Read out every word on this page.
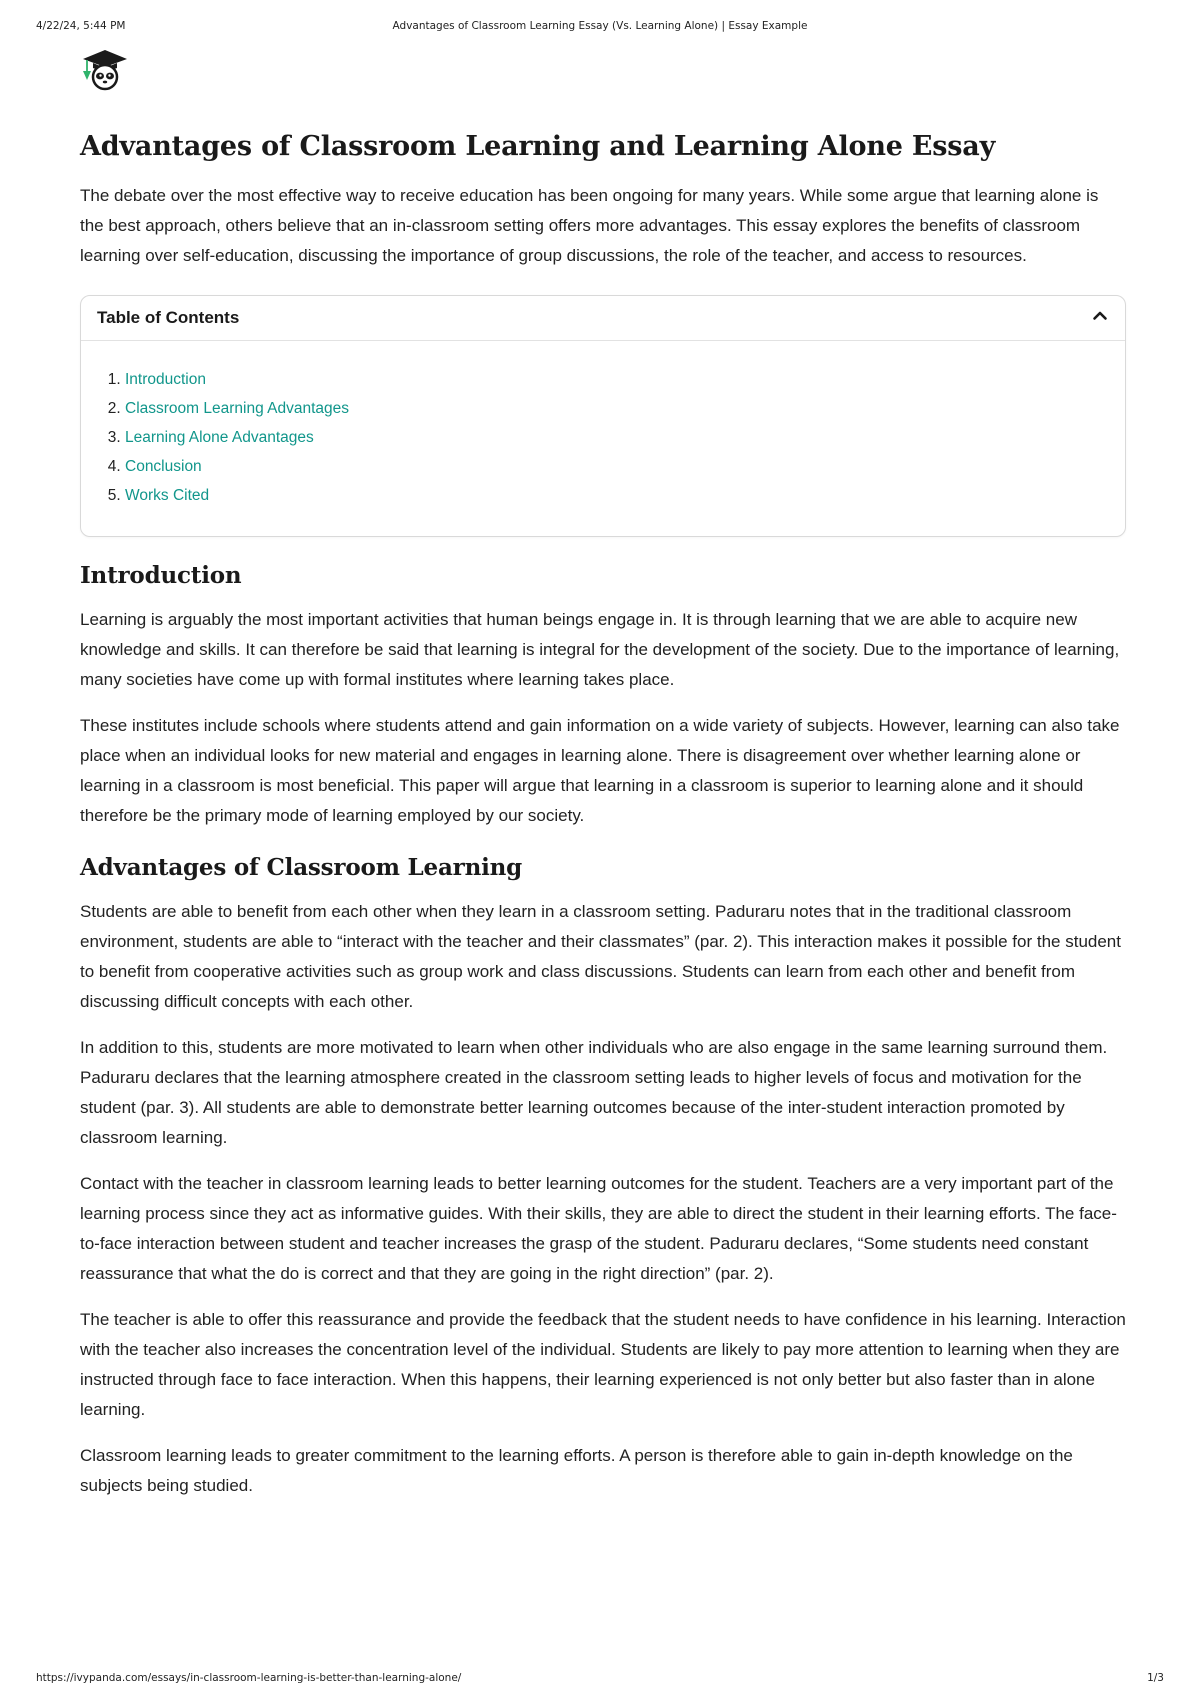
4/22/24, 5:44 PM	Advantages of Classroom Learning Essay (Vs. Learning Alone) | Essay Example
Advantages of Classroom Learning and Learning Alone Essay

The debate over the most effective way to receive education has been ongoing for many years. While some argue that learning alone is the best approach, others believe that an in-classroom setting offers more advantages. This essay explores the benefits of classroom learning over self-education, discussing the importance of group discussions, the role of the teacher, and access to resources.

Table of Contents
1. Introduction
2. Classroom Learning Advantages
3. Learning Alone Advantages
4. Conclusion
5. Works Cited
Introduction

Learning is arguably the most important activities that human beings engage in. It is through learning that we are able to acquire new knowledge and skills. It can therefore be said that learning is integral for the development of the society. Due to the importance of learning, many societies have come up with formal institutes where learning takes place.

These institutes include schools where students attend and gain information on a wide variety of subjects. However, learning can also take place when an individual looks for new material and engages in learning alone. There is disagreement over whether learning alone or learning in a classroom is most beneficial. This paper will argue that learning in a classroom is superior to learning alone and it should therefore be the primary mode of learning employed by our society.

Advantages of Classroom Learning

Students are able to benefit from each other when they learn in a classroom setting. Paduraru notes that in the traditional classroom environment, students are able to “interact with the teacher and their classmates” (par. 2). This interaction makes it possible for the student to benefit from cooperative activities such as group work and class discussions. Students can learn from each other and benefit from discussing difficult concepts with each other.

In addition to this, students are more motivated to learn when other individuals who are also engage in the same learning surround them. Paduraru declares that the learning atmosphere created in the classroom setting leads to higher levels of focus and motivation for the student (par. 3). All students are able to demonstrate better learning outcomes because of the inter-student interaction promoted by classroom learning.

Contact with the teacher in classroom learning leads to better learning outcomes for the student. Teachers are a very important part of the learning process since they act as informative guides. With their skills, they are able to direct the student in their learning efforts. The face-to-face interaction between student and teacher increases the grasp of the student. Paduraru declares, “Some students need constant reassurance that what the do is correct and that they are going in the right direction” (par. 2).

The teacher is able to offer this reassurance and provide the feedback that the student needs to have confidence in his learning. Interaction with the teacher also increases the concentration level of the individual. Students are likely to pay more attention to learning when they are instructed through face to face interaction. When this happens, their learning experienced is not only better but also faster than in alone learning.

Classroom learning leads to greater commitment to the learning efforts. A person is therefore able to gain in-depth knowledge on the subjects being studied.

https://ivypanda.com/essays/in-classroom-learning-is-better-than-learning-alone/	1/3
